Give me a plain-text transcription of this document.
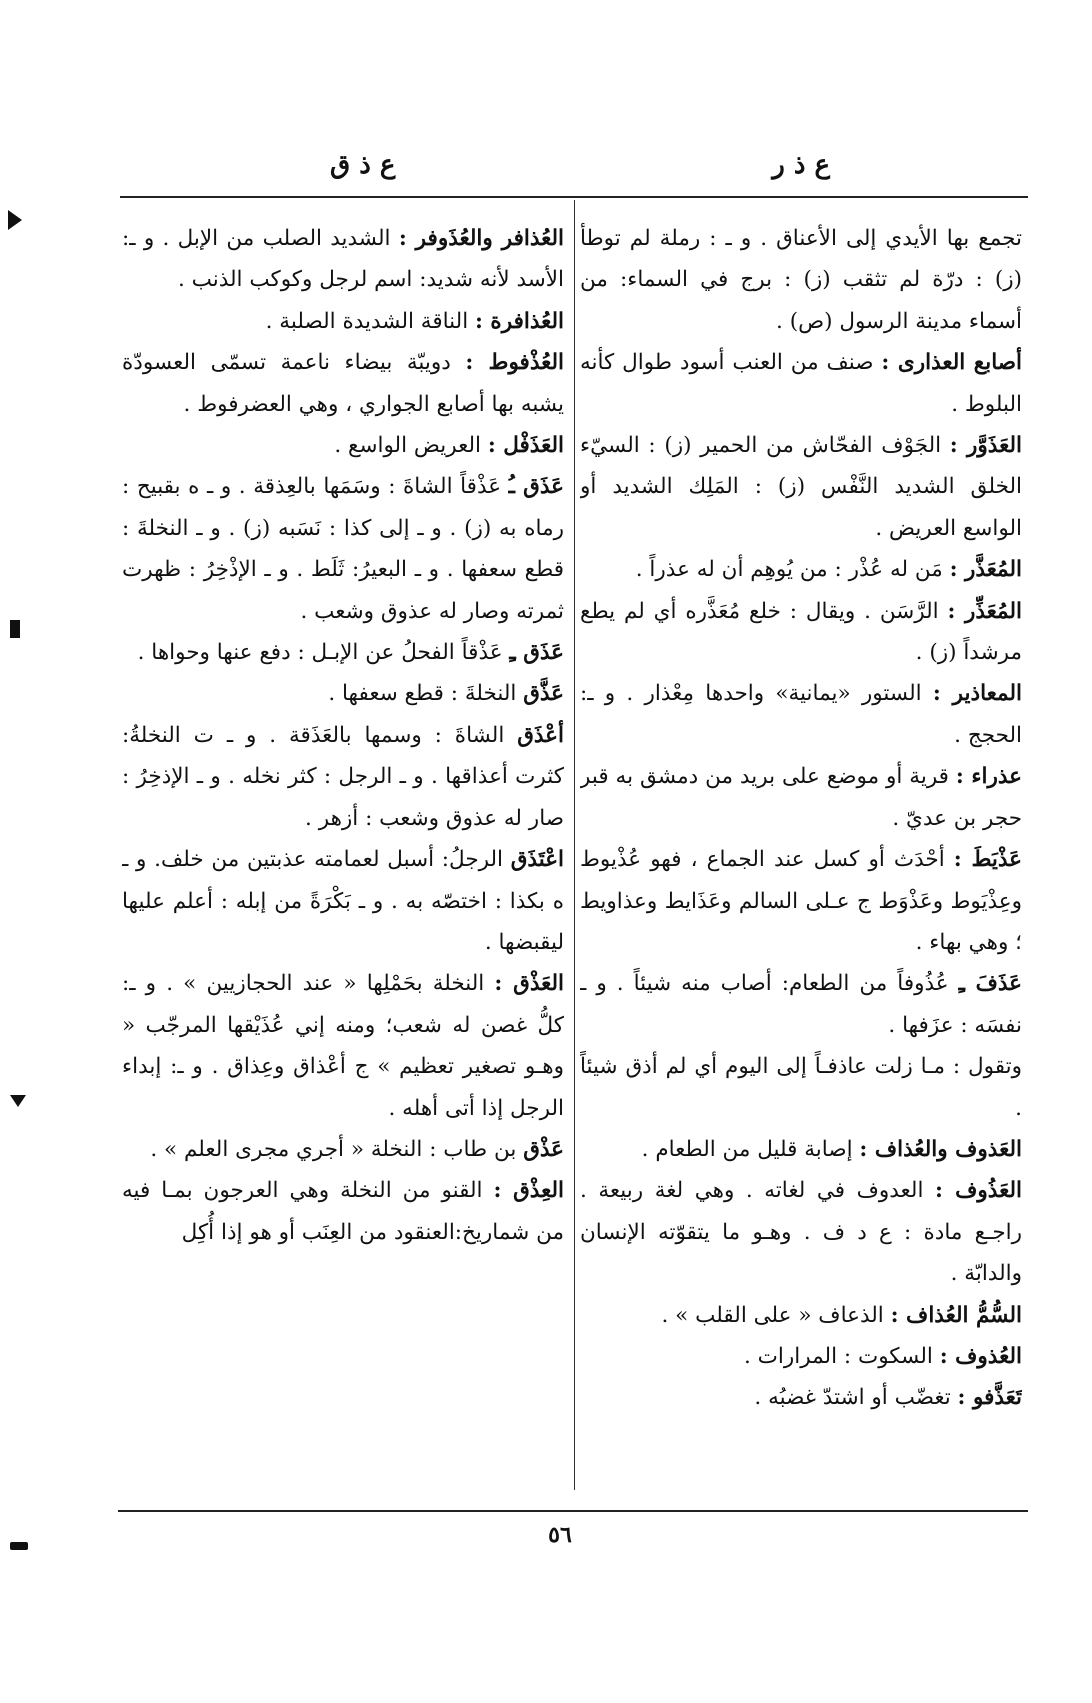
ع ذ ر
ع ذ ق

تجمع بها الأيدي إلى الأعناق . و ـ : رملة لم توطأ (ز) : درّة لم تثقب (ز) : برج في السماء: من أسماء مدينة الرسول (ص) .

أصابع العذارى : صنف من العنب أسود طوال كأنه البلوط .

العَذَوَّر : الجَوْف الفحّاش من الحمير (ز) : السيّء الخلق الشديد النَّفْس (ز) : المَلِك الشديد أو الواسع العريض .

المُعَذَّر : مَن له عُذْر : من يُوهِم أن له عذراً .

المُعَذِّر : الرَّسَن . ويقال : خلع مُعَذَّره أي لم يطع مرشداً (ز) .

المعاذير : الستور «يمانية» واحدها مِعْذار . و ـ: الحجج .

عذراء : قرية أو موضع على بريد من دمشق به قبر حجر بن عديّ .

عَذْيَطَ : أحْدَث أو كسل عند الجماع ، فهو عُذْيوط وعِذْيَوط وعَذْوَط ج عـلى السالم وعَذَايط وعذاويط ؛ وهي بهاء .

عَذَفَ ـِ عُذُوفاً من الطعام: أصاب منه شيئاً . و ـ نفسَه : عزَفها .

وتقول : مـا زلت عاذفـاً إلى اليوم أي لم أذق شيئاً .

العَذوف والعُذاف : إصابة قليل من الطعام .

العَذُوف : العدوف في لغاته . وهي لغة ربيعة . راجـع مادة : ع د ف . وهـو ما يتقوّته الإنسان والدابّة .

السُّمُّ العُذاف : الذعاف « على القلب » .

العُذوف : السكوت : المرارات .

تَعَذَّفو : تغضّب أو اشتدّ غضبُه .

العُذافر والعُذَوفر : الشديد الصلب من الإبل . و ـ: الأسد لأنه شديد: اسم لرجل وكوكب الذنب .

العُذافرة : الناقة الشديدة الصلبة .

العُذْفوط : دويبّة بيضاء ناعمة تسمّى العسودّة يشبه بها أصابع الجواري ، وهي العضرفوط .

العَذَفْل : العريض الواسع .

عَذَق ـُ عَذْقاً الشاةَ : وسَمَها بالعِذقة . و ـ ه بقبيح : رماه به (ز) . و ـ إلى كذا : نَسَبه (ز) . و ـ النخلةَ : قطع سعفها . و ـ البعيرُ: ثَلَط . و ـ الإذْخِرُ : ظهرت ثمرته وصار له عذوق وشعب .

عَذَق ـِ عَذْقاً الفحلُ عن الإبـل : دفع عنها وحواها .

عَذَّق النخلةَ : قطع سعفها .

أعْذَق الشاةَ : وسمها بالعَذَقة . و ـ ت النخلةُ: كثرت أعذاقها . و ـ الرجل : كثر نخله . و ـ الإذخِرُ : صار له عذوق وشعب : أزهر .

اعْتَذَق الرجلُ: أسبل لعمامته عذبتين من خلف. و ـ ه بكذا : اختصّه به . و ـ بَكْرَةً من إبله : أعلم عليها ليقبضها .

العَذْق : النخلة بحَمْلِها « عند الحجازيين » . و ـ: كلُّ غصن له شعب؛ ومنه إني عُذَيْقها المرجّب « وهـو تصغير تعظيم » ج أعْذاق وعِذاق . و ـ: إبداء الرجل إذا أتى أهله .

عَذْق بن طاب : النخلة « أجري مجرى العلم » .

العِذْق : القنو من النخلة وهي العرجون بمـا فيه من شماريخ:العنقود من العِنَب أو هو إذا أُكِل

٥٦
